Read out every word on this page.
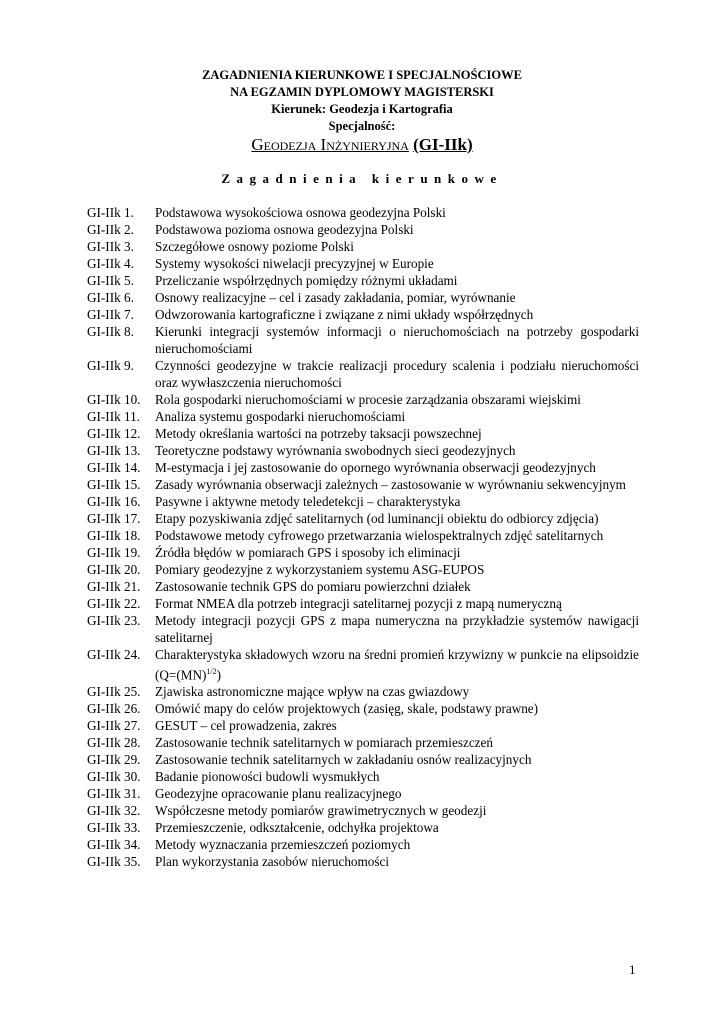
ZAGADNIENIA KIERUNKOWE I SPECJALNOŚCIOWE
NA EGZAMIN DYPLOMOWY MAGISTERSKI
Kierunek: Geodezja i Kartografia
Specjalność:
Geodezja Inżynieryjna (GI-IIk)
Zagadnienia kierunkowe
GI-IIk 1.	Podstawowa wysokościowa osnowa geodezyjna Polski
GI-IIk 2.	Podstawowa pozioma osnowa geodezyjna Polski
GI-IIk 3.	Szczegółowe osnowy poziome Polski
GI-IIk 4.	Systemy wysokości niwelacji precyzyjnej w Europie
GI-IIk 5.	Przeliczanie współrzędnych pomiędzy różnymi układami
GI-IIk 6.	Osnowy realizacyjne – cel i zasady zakładania, pomiar, wyrównanie
GI-IIk 7.	Odwzorowania kartograficzne i związane z nimi układy współrzędnych
GI-IIk 8.	Kierunki integracji systemów informacji o nieruchomościach na potrzeby gospodarki nieruchomościami
GI-IIk 9.	Czynności geodezyjne w trakcie realizacji procedury scalenia i podziału nieruchomości oraz wywłaszczenia nieruchomości
GI-IIk 10.	Rola gospodarki nieruchomościami w procesie zarządzania obszarami wiejskimi
GI-IIk 11.	Analiza systemu gospodarki nieruchomościami
GI-IIk 12.	Metody określania wartości na potrzeby taksacji powszechnej
GI-IIk 13.	Teoretyczne podstawy wyrównania swobodnych sieci geodezyjnych
GI-IIk 14.	M-estymacja i jej zastosowanie do opornego wyrównania obserwacji geodezyjnych
GI-IIk 15.	Zasady wyrównania obserwacji zależnych – zastosowanie w wyrównaniu sekwencyjnym
GI-IIk 16.	Pasywne i aktywne metody teledetekcji – charakterystyka
GI-IIk 17.	Etapy pozyskiwania zdjęć satelitarnych (od luminancji obiektu do odbiorcy zdjęcia)
GI-IIk 18.	Podstawowe metody cyfrowego przetwarzania wielospektralnych zdjęć satelitarnych
GI-IIk 19.	Źródła błędów w pomiarach GPS i sposoby ich eliminacji
GI-IIk 20.	Pomiary geodezyjne z wykorzystaniem systemu ASG-EUPOS
GI-IIk 21.	Zastosowanie technik GPS do pomiaru powierzchni działek
GI-IIk 22.	Format NMEA dla potrzeb integracji satelitarnej pozycji z mapą numeryczną
GI-IIk 23.	Metody integracji pozycji GPS z mapa numeryczna na przykładzie systemów nawigacji satelitarnej
GI-IIk 24.	Charakterystyka składowych wzoru na średni promień krzywizny w punkcie na elipsoidzie (Q=(MN)$^{1/2}$)
GI-IIk 25.	Zjawiska astronomiczne mające wpływ na czas gwiazdowy
GI-IIk 26.	Omówić mapy do celów projektowych (zasięg, skale, podstawy prawne)
GI-IIk 27.	GESUT – cel prowadzenia, zakres
GI-IIk 28.	Zastosowanie technik satelitarnych w pomiarach przemieszczeń
GI-IIk 29.	Zastosowanie technik satelitarnych w zakładaniu osnów realizacyjnych
GI-IIk 30.	Badanie pionowości budowli wysmukłych
GI-IIk 31.	Geodezyjne opracowanie planu realizacyjnego
GI-IIk 32.	Współczesne metody pomiarów grawimetrycznych w geodezji
GI-IIk 33.	Przemieszczenie, odkształcenie, odchyłka projektowa
GI-IIk 34.	Metody wyznaczania przemieszczeń poziomych
GI-IIk 35.	Plan wykorzystania zasobów nieruchomości
1
